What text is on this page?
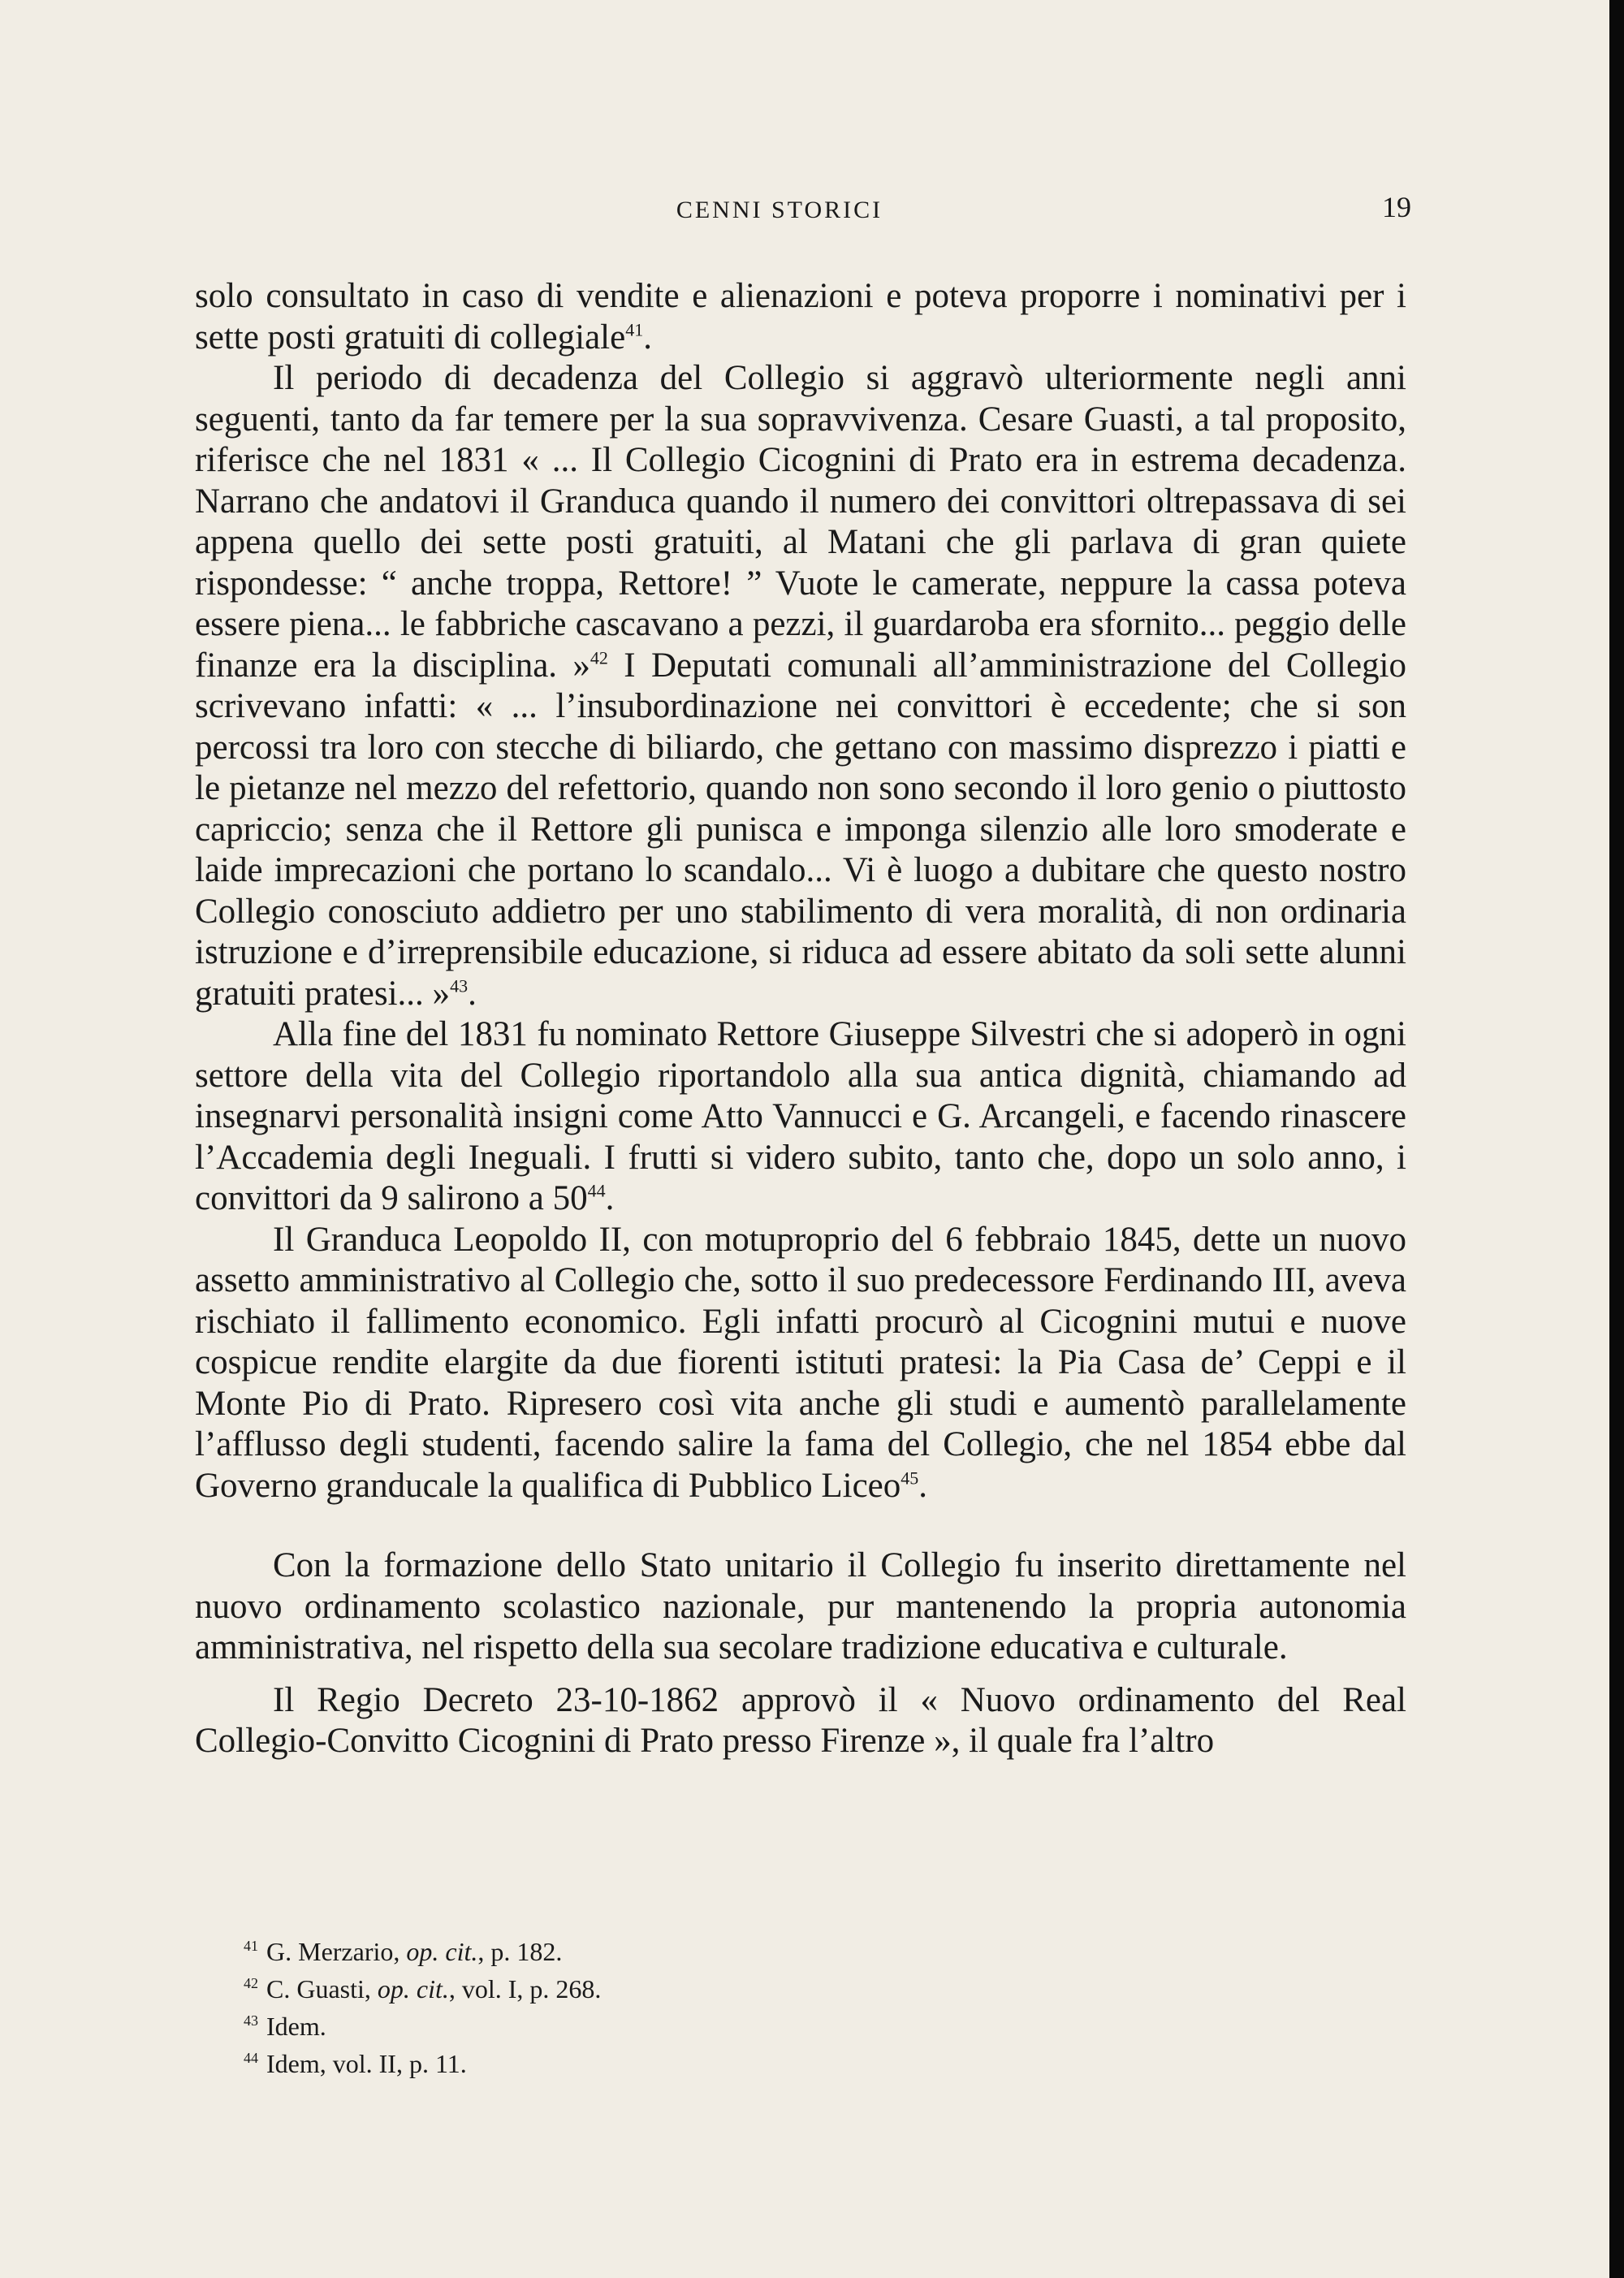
CENNI STORICI	19

solo consultato in caso di vendite e alienazioni e poteva proporre i nominativi per i sette posti gratuiti di collegiale$^{41}$.

Il periodo di decadenza del Collegio si aggravò ulteriormente negli anni seguenti, tanto da far temere per la sua sopravvivenza. Cesare Guasti, a tal proposito, riferisce che nel 1831 « ... Il Collegio Cicognini di Prato era in estrema decadenza. Narrano che andatovi il Granduca quando il numero dei convittori oltrepassava di sei appena quello dei sette posti gratuiti, al Matani che gli parlava di gran quiete rispondesse: “ anche troppa, Rettore! ” Vuote le camerate, neppure la cassa poteva essere piena... le fabbriche cascavano a pezzi, il guardaroba era sfornito... peggio delle finanze era la disciplina. »$^{42}$ I Deputati comunali all’amministrazione del Collegio scrivevano infatti: « ... l’insubordinazione nei convittori è eccedente; che si son percossi tra loro con stecche di biliardo, che gettano con massimo disprezzo i piatti e le pietanze nel mezzo del refettorio, quando non sono secondo il loro genio o piuttosto capriccio; senza che il Rettore gli punisca e imponga silenzio alle loro smoderate e laide imprecazioni che portano lo scandalo... Vi è luogo a dubitare che questo nostro Collegio conosciuto addietro per uno stabilimento di vera moralità, di non ordinaria istruzione e d’irreprensibile educazione, si riduca ad essere abitato da soli sette alunni gratuiti pratesi... »$^{43}$.

Alla fine del 1831 fu nominato Rettore Giuseppe Silvestri che si adoperò in ogni settore della vita del Collegio riportandolo alla sua antica dignità, chiamando ad insegnarvi personalità insigni come Atto Vannucci e G. Arcangeli, e facendo rinascere l’Accademia degli Ineguali. I frutti si videro subito, tanto che, dopo un solo anno, i convittori da 9 salirono a 50$^{44}$.

Il Granduca Leopoldo II, con motuproprio del 6 febbraio 1845, dette un nuovo assetto amministrativo al Collegio che, sotto il suo predecessore Ferdinando III, aveva rischiato il fallimento economico. Egli infatti procurò al Cicognini mutui e nuove cospicue rendite elargite da due fiorenti istituti pratesi: la Pia Casa de’ Ceppi e il Monte Pio di Prato. Ripresero così vita anche gli studi e aumentò parallelamente l’afflusso degli studenti, facendo salire la fama del Collegio, che nel 1854 ebbe dal Governo granducale la qualifica di Pubblico Liceo$^{45}$.

Con la formazione dello Stato unitario il Collegio fu inserito direttamente nel nuovo ordinamento scolastico nazionale, pur mantenendo la propria autonomia amministrativa, nel rispetto della sua secolare tradizione educativa e culturale.

Il Regio Decreto 23-10-1862 approvò il « Nuovo ordinamento del Real Collegio-Convitto Cicognini di Prato presso Firenze », il quale fra l’altro

$^{41}$ G. Merzario, op. cit., p. 182.
$^{42}$ C. Guasti, op. cit., vol. I, p. 268.
$^{43}$ Idem.
$^{44}$ Idem, vol. II, p. 11.
